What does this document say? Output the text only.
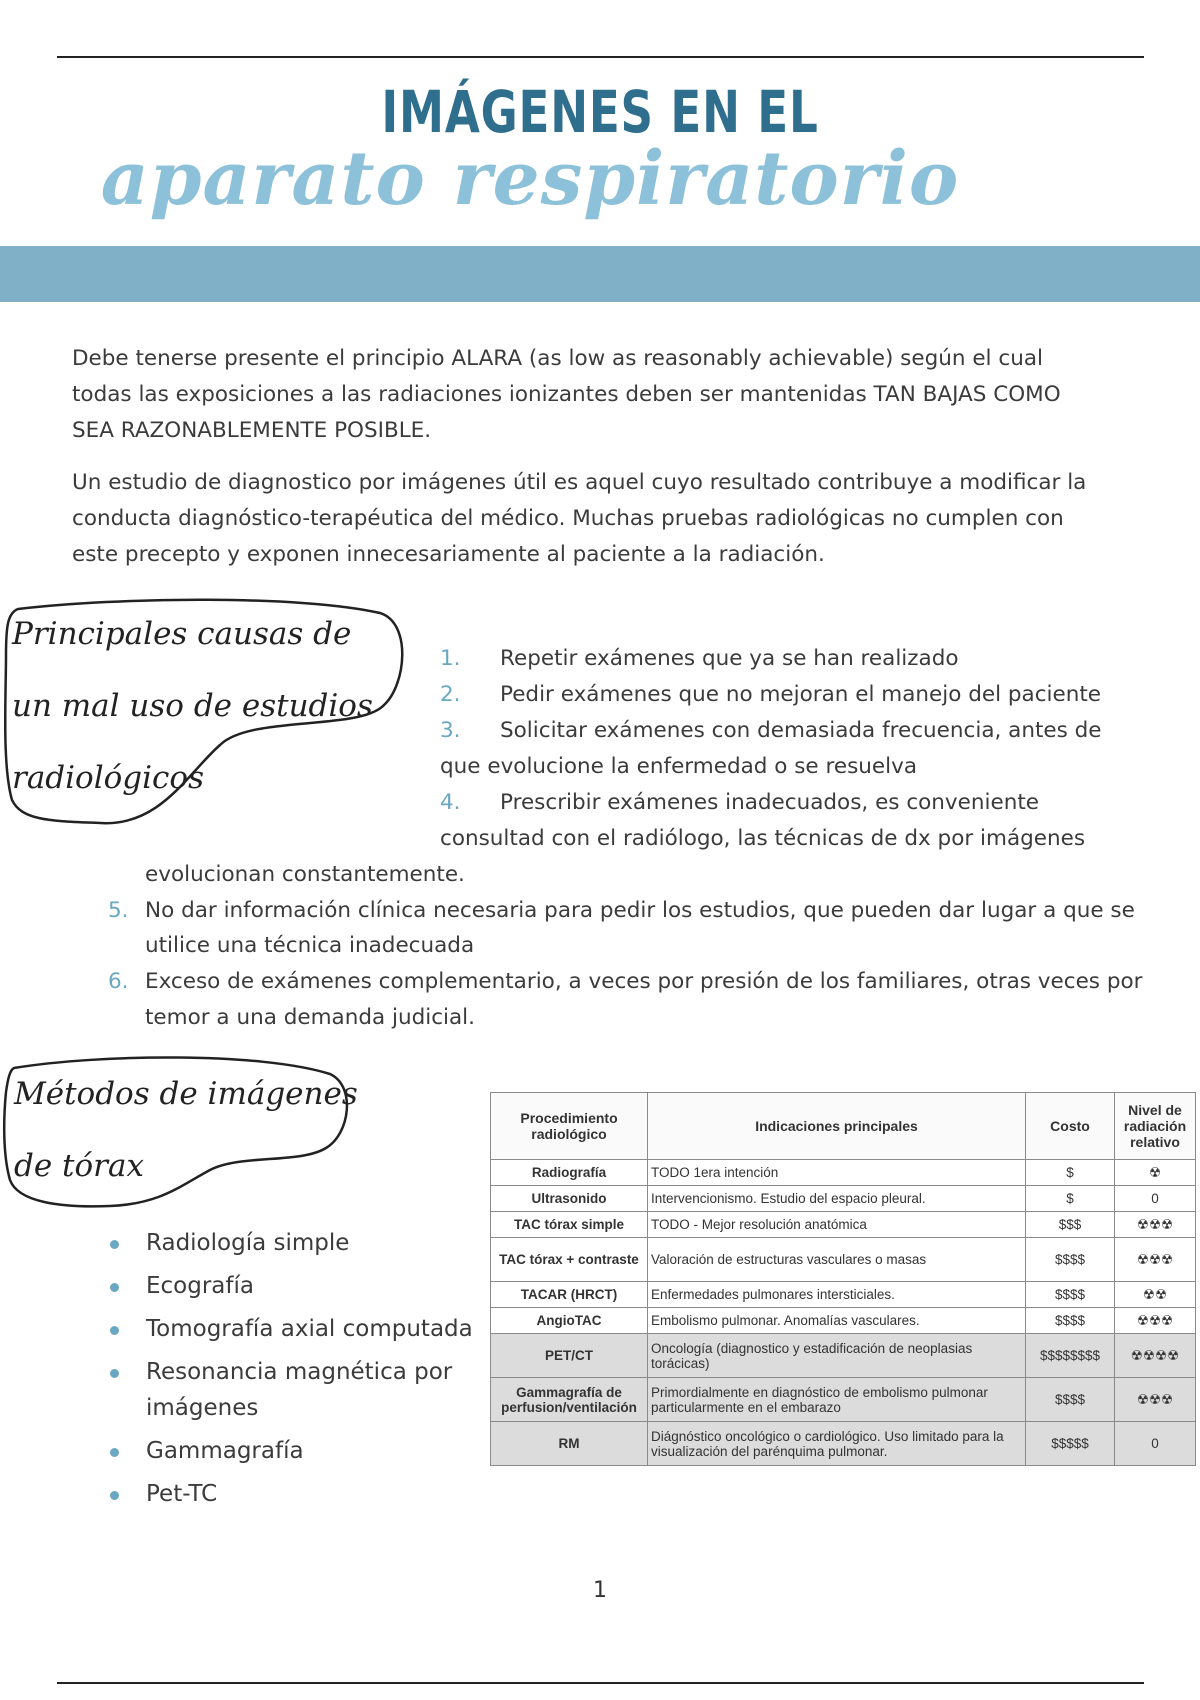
IMÁGENES EN EL
aparato respiratorio
Debe tenerse presente el principio ALARA (as low as reasonably achievable) según el cual todas las exposiciones a las radiaciones ionizantes deben ser mantenidas TAN BAJAS COMO SEA RAZONABLEMENTE POSIBLE.
Un estudio de diagnostico por imágenes útil es aquel cuyo resultado contribuye a modificar la conducta diagnóstico-terapéutica del médico. Muchas pruebas radiológicas no cumplen con este precepto y exponen innecesariamente al paciente a la radiación.
Principales causas de
un mal uso de estudios
radiológicos
1. Repetir exámenes que ya se han realizado
2. Pedir exámenes que no mejoran el manejo del paciente
3. Solicitar exámenes con demasiada frecuencia, antes de
que evolucione la enfermedad o se resuelva
4. Prescribir exámenes inadecuados, es conveniente
consultad con el radiólogo, las técnicas de dx por imágenes
evolucionan constantemente.
5. No dar información clínica necesaria para pedir los estudios, que pueden dar lugar a que se
utilice una técnica inadecuada
6. Exceso de exámenes complementario, a veces por presión de los familiares, otras veces por
temor a una demanda judicial.
Métodos de imágenes
de tórax
Radiología simple
Ecografía
Tomografía axial computada
Resonancia magnética por
imágenes
Gammagrafía
Pet-TC
Procedimiento radiológico	Indicaciones principales	Costo	Nivel de radiación relativo
Radiografía	TODO 1era intención	$	☢
Ultrasonido	Intervencionismo. Estudio del espacio pleural.	$	0
TAC tórax simple	TODO - Mejor resolución anatómica	$$$	☢☢☢
TAC tórax + contraste	Valoración de estructuras vasculares o masas	$$$$	☢☢☢
TACAR (HRCT)	Enfermedades pulmonares intersticiales.	$$$$	☢☢
AngioTAC	Embolismo pulmonar. Anomalías vasculares.	$$$$	☢☢☢
PET/CT	Oncología (diagnostico y estadificación de neoplasias torácicas)	$$$$$$$$	☢☢☢☢
Gammagrafía de perfusion/ventilación	Primordialmente en diagnóstico de embolismo pulmonar particularmente en el embarazo	$$$$	☢☢☢
RM	Diágnóstico oncológico o cardiológico. Uso limitado para la visualización del parénquima pulmonar.	$$$$$	0
1
